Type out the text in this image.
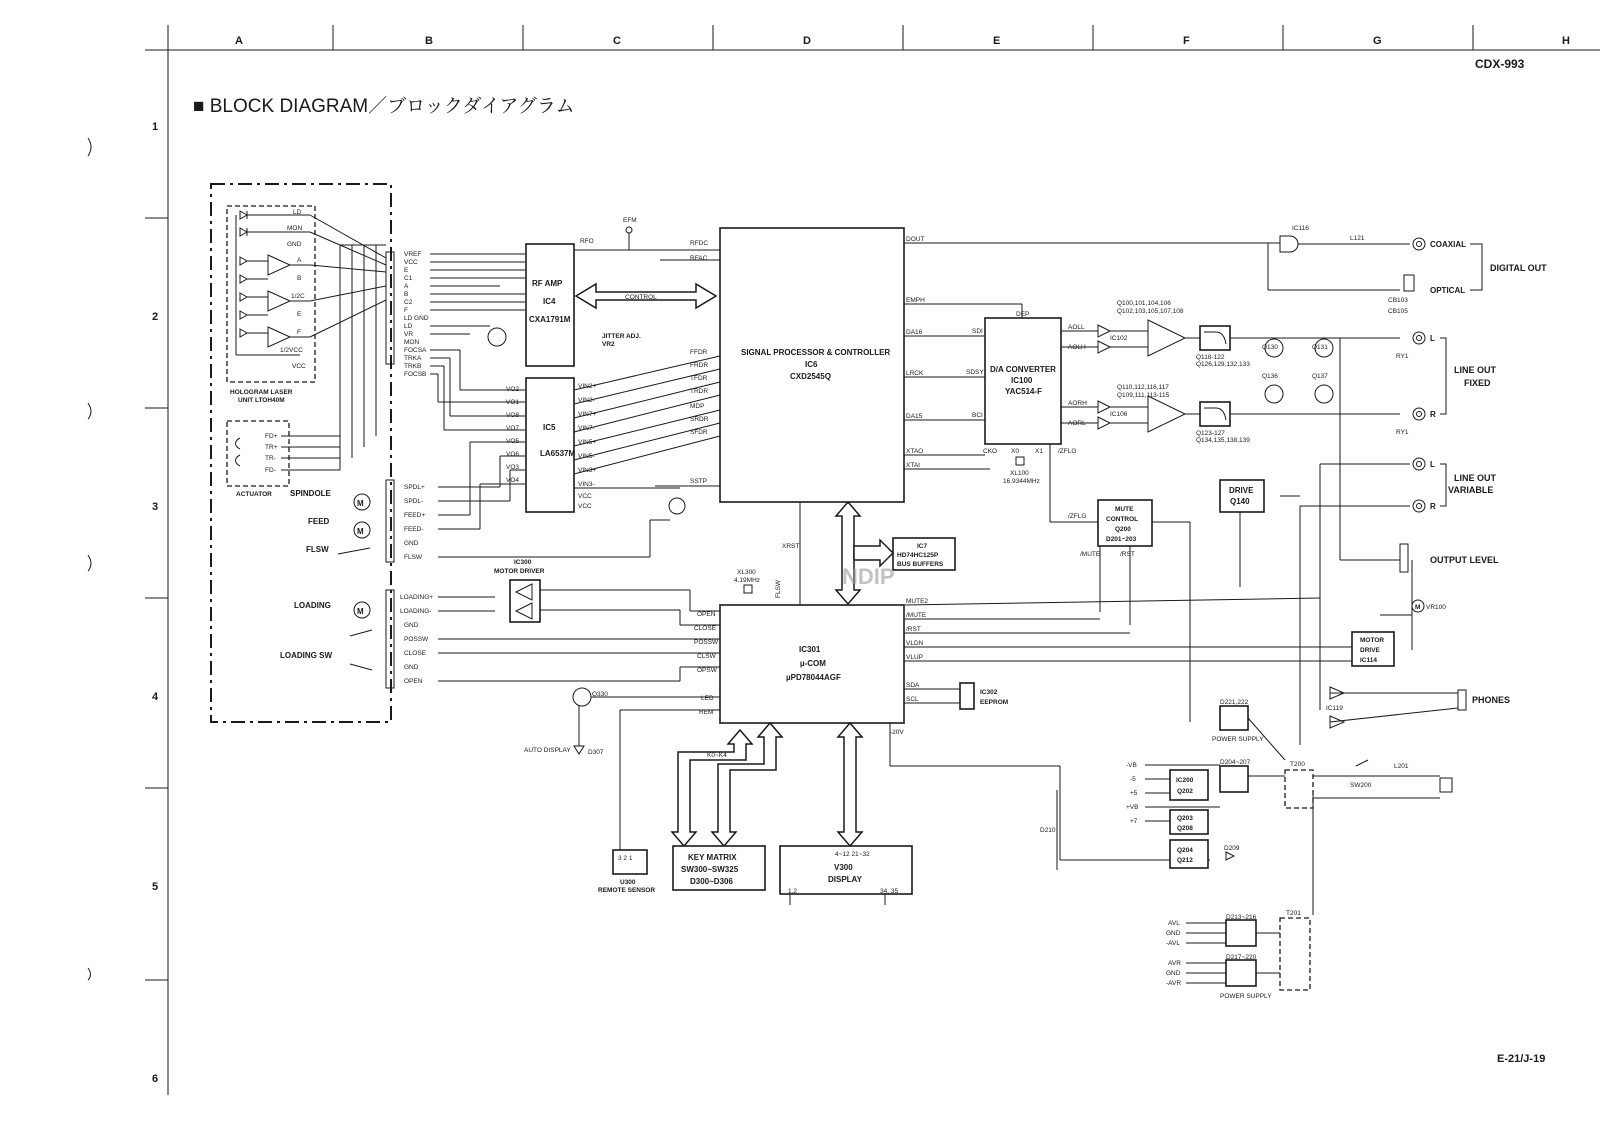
A	B	C	D	E	F	G	H
1
2
3
4
5
6
CDX-993
■ BLOCK DIAGRAM／ブロックダイアグラム
E-21/J-19
HOLOGRAM LASER
UNIT LTOH40M
ACTUATOR
LD
MON
GND
A
B
1/2C
E
F
1/2VCC
VCC
FD+
TR+
TR-
FD-
VREF
VCC
E
C1
A
B
C2
F
LD GND
LD
VR
MON
FOCSA
TRKA
TRKB
FOCSB
RF AMP
IC4
CXA1791M
RFO
JITTER ADJ.
VR2
EFM
CONTROL
IC5
LA6537M
VIN2+
VIN2-
VIN7+
VIN7-
VIN5+
VIN5-
VIN3+
VIN3-
VCC
VCC
VO2
VO1
VO8
VO7
VO5
VO6
VO3
VO4
SIGNAL PROCESSOR & CONTROLLER
IC6
CXD2545Q
RFDC
RFAC
FFDR
FRDR
TFDR
TRDR
MDP
SRDR
SFDR
SSTP
DOUT
EMPH
DA16
LRCK
DA15
XTAO
XTAI
XRST	IC7
HD74HC125P
BUS BUFFERS
D/A CONVERTER
IC100
YAC514-F
SDI
SDSY
BCI
DEP
AOLL
AOLH
AORH
AORL
CKO X0 X1 /ZFLG
XL100
16.9344MHz
Q100,101,104,106
Q102,103,105,107,108
IC102
Q118-122
Q126,129,132,133
Q130	Q131
Q110,112,116,117
Q109,111,113-115
IC106
Q123-127
Q134,135,138,139
Q136	Q137
RY1
RY1
IC116
L121
CB103
CB105
COAXIAL
OPTICAL
DIGITAL OUT
L
R
LINE OUT
FIXED
L
R
LINE OUT
VARIABLE
OUTPUT LEVEL
PHONES
DRIVE
Q140
MUTE
CONTROL
Q200
D201~203
/ZFLG
/MUTE	/RST
MOTOR
DRIVE
IC114
M VR100
IC119
SPINDOLE
M
FEED
M
FLSW
SPDL+
SPDL-
FEED+
FEED-
GND
FLSW
LOADING
M
LOADING SW
LOADING+
LOADING-
GND
POSSW
CLOSE
GND
OPEN
IC300
MOTOR DRIVER
IC301
µ-COM
µPD78044AGF
OPEN
CLOSE
POSSW
CLSW
OPSW
LED
REM
MUTE2
/MUTE
/RST
VLDN
VLUP
SDA
SCL
-20V
XL300
4.19MHz FLSW
IC302
EEPROM
K0~K4
KEY MATRIX
SW300~SW325
D300~D306
4~12 21~32
V300
DISPLAY
1,2	34, 35
3 2 1
U300
REMOTE SENSOR
Q330
AUTO DISPLAY	D307
D221,222
POWER SUPPLY
-VB
-5
+5
+VB
+7
IC200
Q202
D204~207
Q203
Q208
Q204
Q212
D209
D210
T200
SW200
L201
T201
D213~216
D217~220
POWER SUPPLY
AVL
GND
-AVL
AVR
GND
-AVR
NDIP
